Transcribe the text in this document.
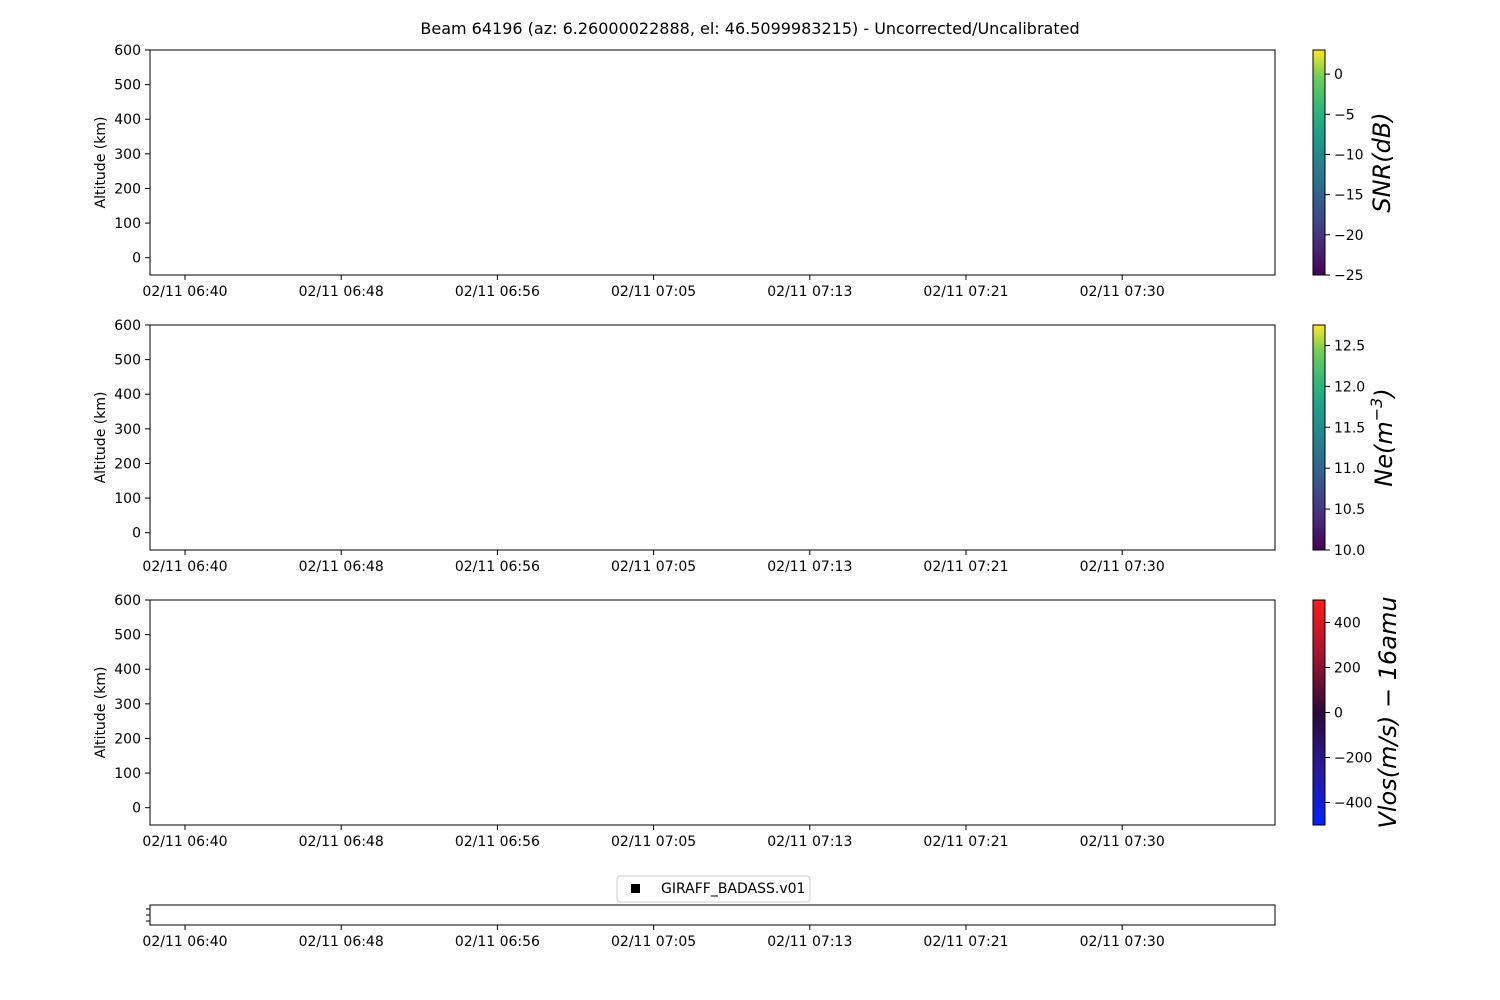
Beam 64196 (az: 6.26000022888, el: 46.5099983215) - Uncorrected/Uncalibrated
0
100
200
300
400
500
600
02/11 06:40	02/11 06:48	02/11 06:56	02/11 07:05	02/11 07:13	02/11 07:21	02/11 07:30
Altitude (km)
−25
−20
−15
−10
−5
0
SNR(dB)
0
100
200
300
400
500
600
02/11 06:40	02/11 06:48	02/11 06:56	02/11 07:05	02/11 07:13	02/11 07:21	02/11 07:30
Altitude (km)
10.0
10.5
11.0
11.5
12.0
12.5
$Ne(m^{-3})$
0
100
200
300
400
500
600
02/11 06:40	02/11 06:48	02/11 06:56	02/11 07:05	02/11 07:13	02/11 07:21	02/11 07:30
Altitude (km)
−400
−200
0
200
400 Vlos(m/s) − 16amu
GIRAFF_BADASS.v01
02/11 06:40	02/11 06:48	02/11 06:56	02/11 07:05	02/11 07:13	02/11 07:21	02/11 07:30
